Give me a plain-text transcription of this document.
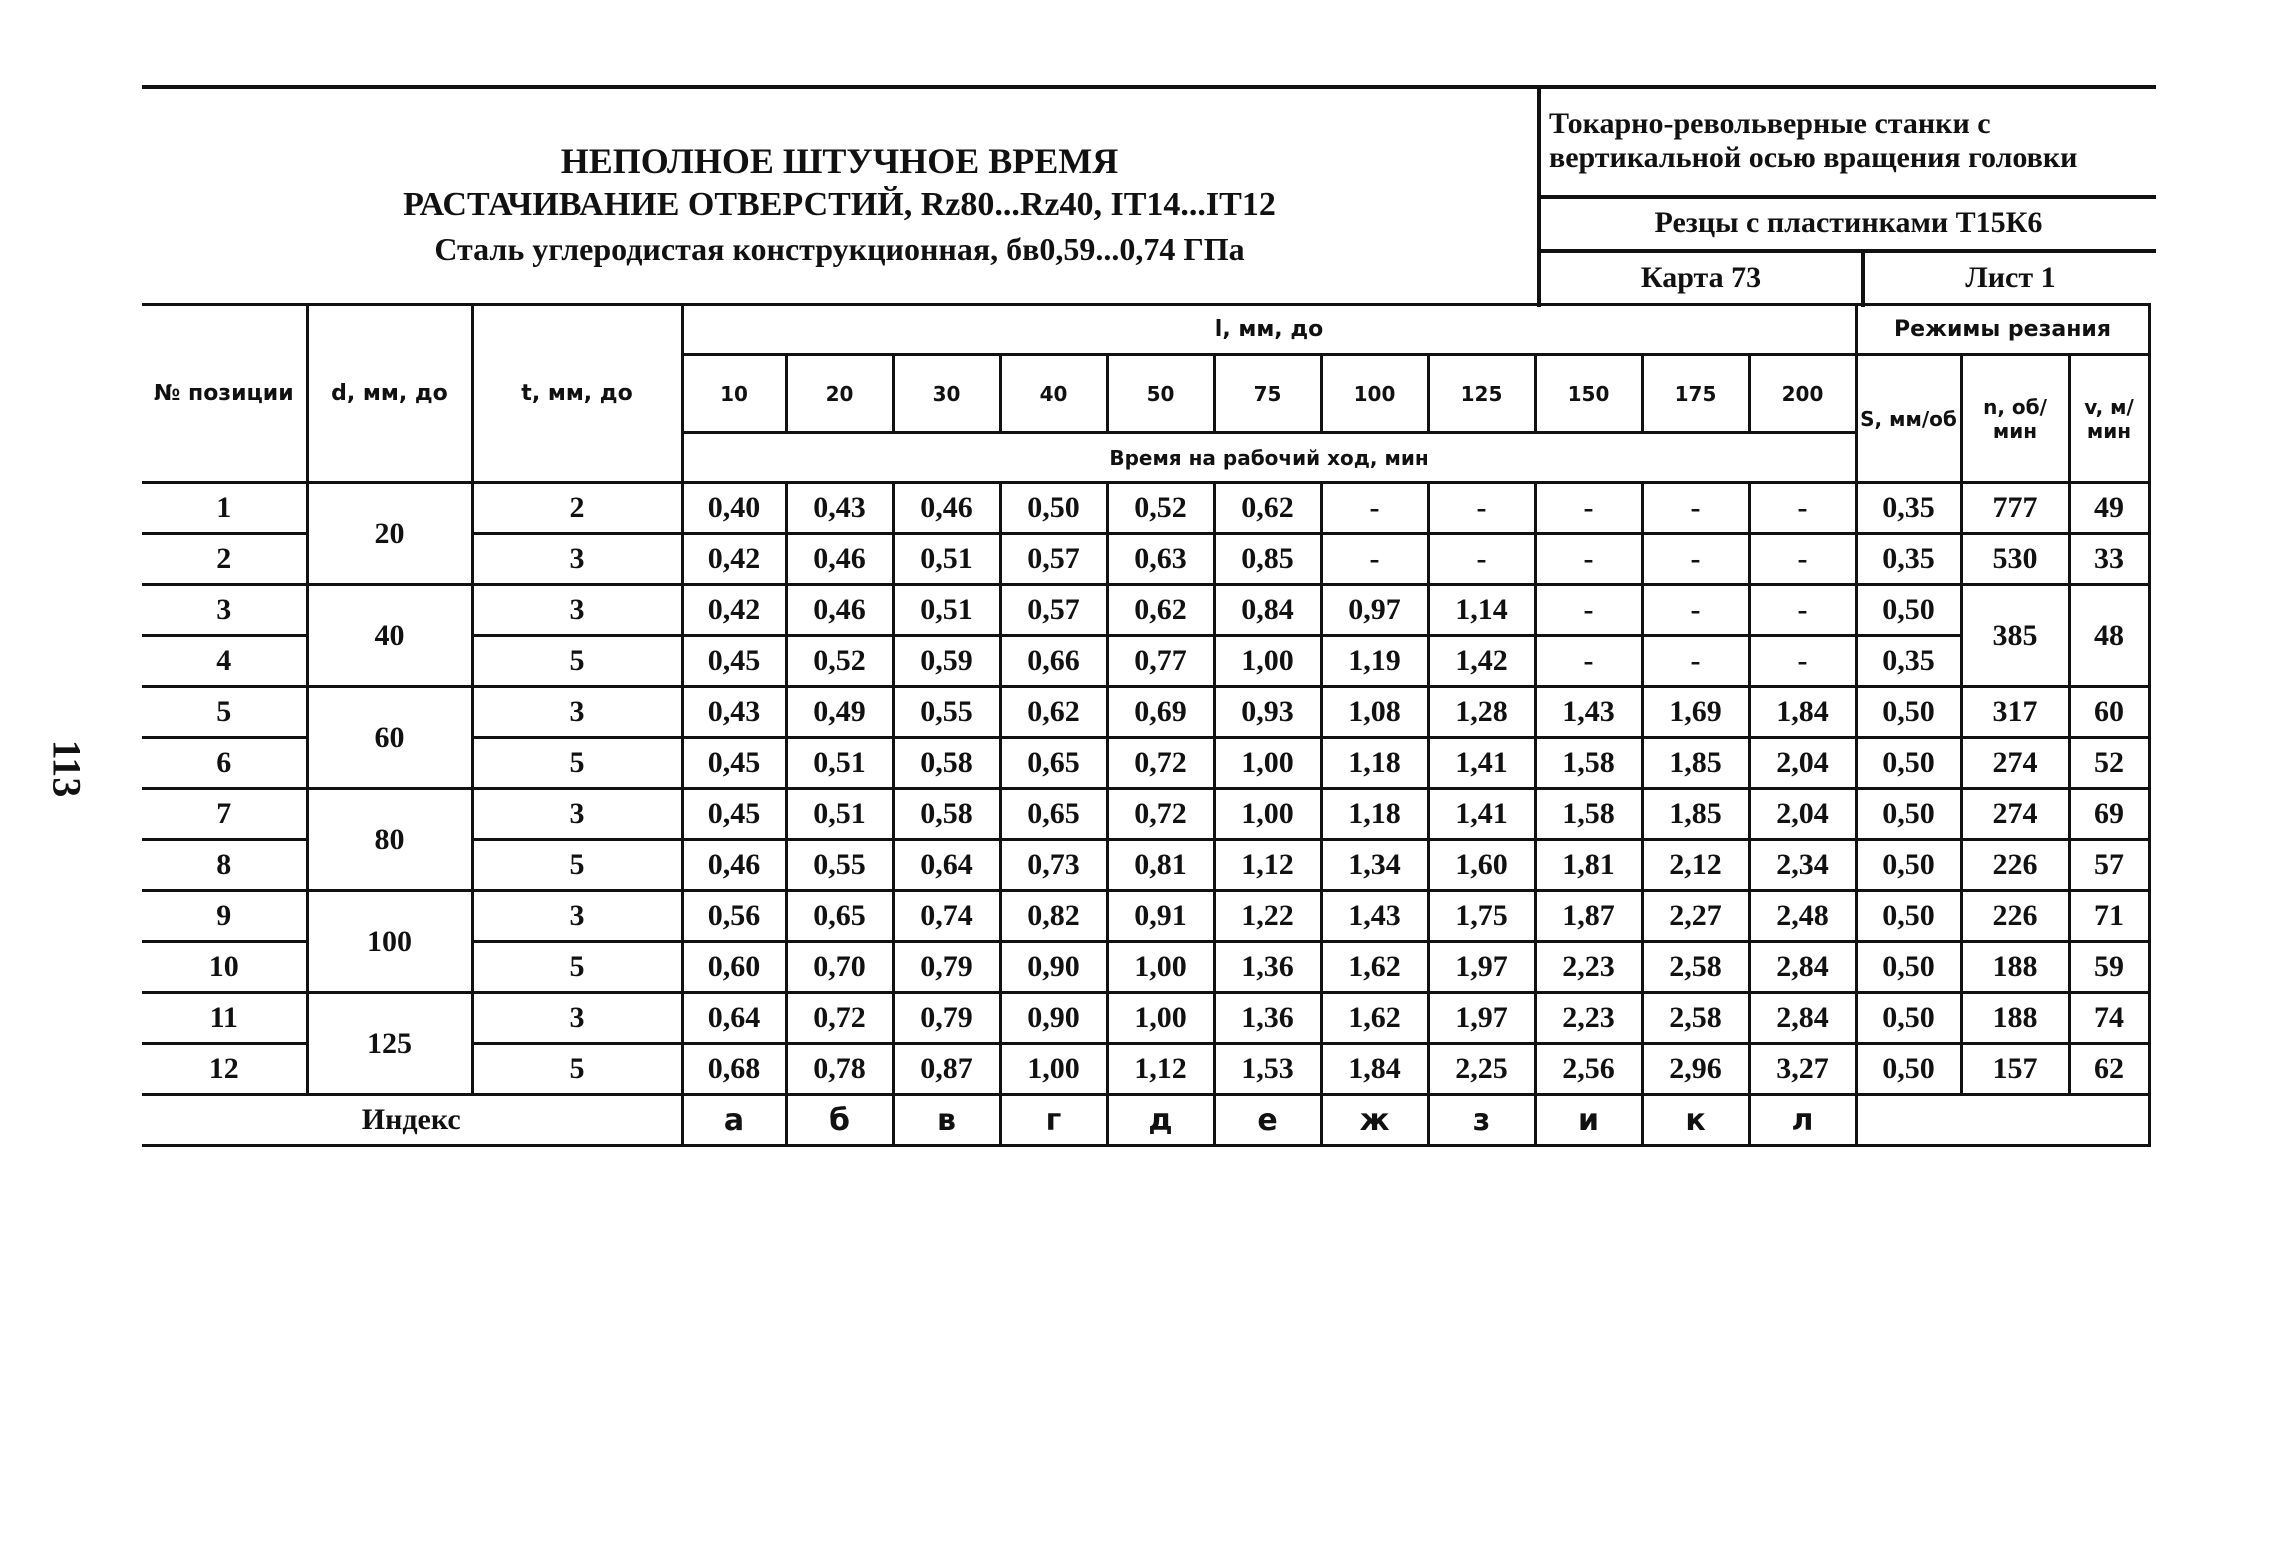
113
НЕПОЛНОЕ ШТУЧНОЕ ВРЕМЯ
РАСТАЧИВАНИЕ ОТВЕРСТИЙ, Rz80...Rz40, IT14...IT12
Сталь углеродистая конструкционная, бв0,59...0,74 ГПа
Токарно-револьверные станки с вертикальной осью вращения головки
Резцы с пластинками Т15К6
Карта 73	Лист 1
№ позиции	d, мм, до	t, мм, до	l, мм, до											Режимы резания		
			10	20	30	40	50	75	100	125	150	175	200	S, мм/об	n, об/мин	v, м/мин
			Время на рабочий ход, мин													
1	20	2	0,40	0,43	0,46	0,50	0,52	0,62	-	-	-	-	-	0,35	777	49
2		3	0,42	0,46	0,51	0,57	0,63	0,85	-	-	-	-	-	0,35	530	33
3	40	3	0,42	0,46	0,51	0,57	0,62	0,84	0,97	1,14	-	-	-	0,50	385	48
4		5	0,45	0,52	0,59	0,66	0,77	1,00	1,19	1,42	-	-	-	0,35		
5	60	3	0,43	0,49	0,55	0,62	0,69	0,93	1,08	1,28	1,43	1,69	1,84	0,50	317	60
6		5	0,45	0,51	0,58	0,65	0,72	1,00	1,18	1,41	1,58	1,85	2,04	0,50	274	52
7	80	3	0,45	0,51	0,58	0,65	0,72	1,00	1,18	1,41	1,58	1,85	2,04	0,50	274	69
8		5	0,46	0,55	0,64	0,73	0,81	1,12	1,34	1,60	1,81	2,12	2,34	0,50	226	57
9	100	3	0,56	0,65	0,74	0,82	0,91	1,22	1,43	1,75	1,87	2,27	2,48	0,50	226	71
10		5	0,60	0,70	0,79	0,90	1,00	1,36	1,62	1,97	2,23	2,58	2,84	0,50	188	59
11	125	3	0,64	0,72	0,79	0,90	1,00	1,36	1,62	1,97	2,23	2,58	2,84	0,50	188	74
12		5	0,68	0,78	0,87	1,00	1,12	1,53	1,84	2,25	2,56	2,96	3,27	0,50	157	62
Индекс			а	б	в	г	д	е	ж	з	и	к	л			
